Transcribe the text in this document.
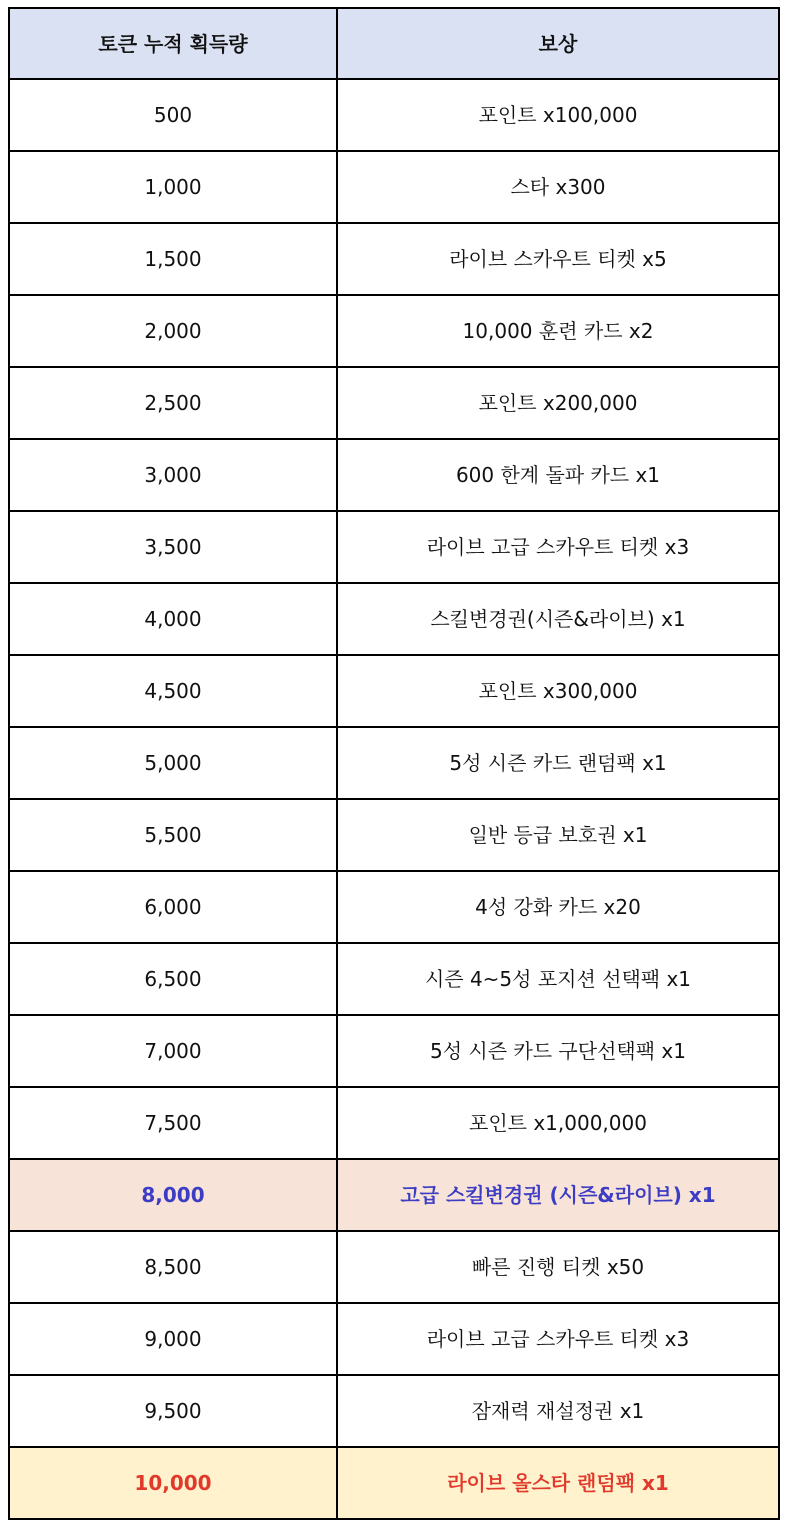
토큰 누적 획득량	보상
500	포인트 x100,000
1,000	스타 x300
1,500	라이브 스카우트 티켓 x5
2,000	10,000 훈련 카드 x2
2,500	포인트 x200,000
3,000	600 한계 돌파 카드 x1
3,500	라이브 고급 스카우트 티켓 x3
4,000	스킬변경권(시즌&라이브) x1
4,500	포인트 x300,000
5,000	5성 시즌 카드 랜덤팩 x1
5,500	일반 등급 보호권 x1
6,000	4성 강화 카드 x20
6,500	시즌 4~5성 포지션 선택팩 x1
7,000	5성 시즌 카드 구단선택팩 x1
7,500	포인트 x1,000,000
8,000	고급 스킬변경권 (시즌&라이브) x1
8,500	빠른 진행 티켓 x50
9,000	라이브 고급 스카우트 티켓 x3
9,500	잠재력 재설정권 x1
10,000	라이브 올스타 랜덤팩 x1
